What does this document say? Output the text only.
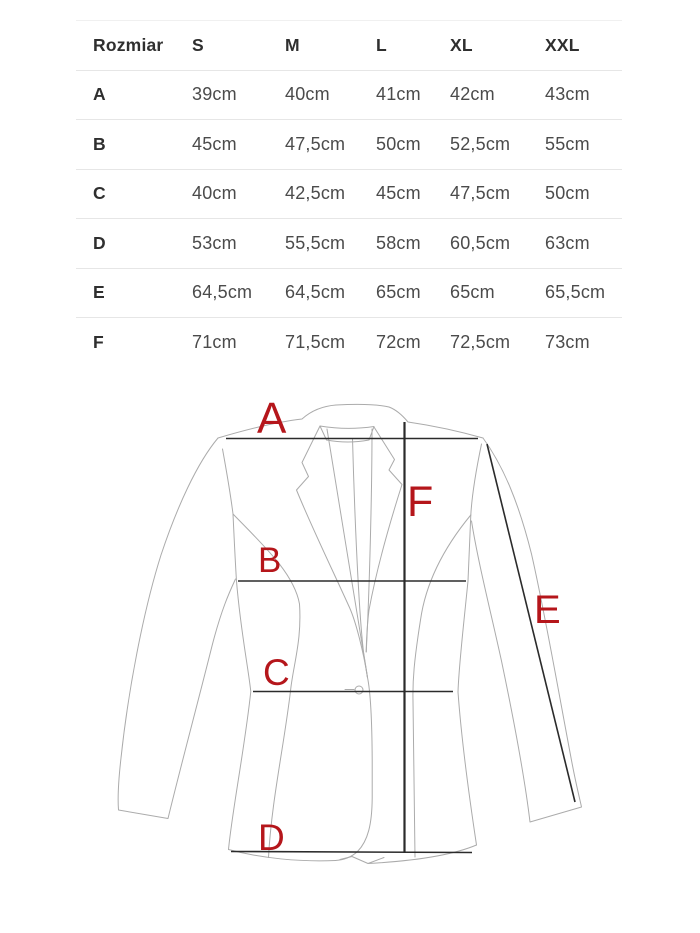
Rozmiar	S	M	L	XL	XXL
A	39cm	40cm	41cm	42cm	43cm
B	45cm	47,5cm	50cm	52,5cm	55cm
C	40cm	42,5cm	45cm	47,5cm	50cm
D	53cm	55,5cm	58cm	60,5cm	63cm
E	64,5cm	64,5cm	65cm	65cm	65,5cm
F	71cm	71,5cm	72cm	72,5cm	73cm
A
F
B
E
C
D
